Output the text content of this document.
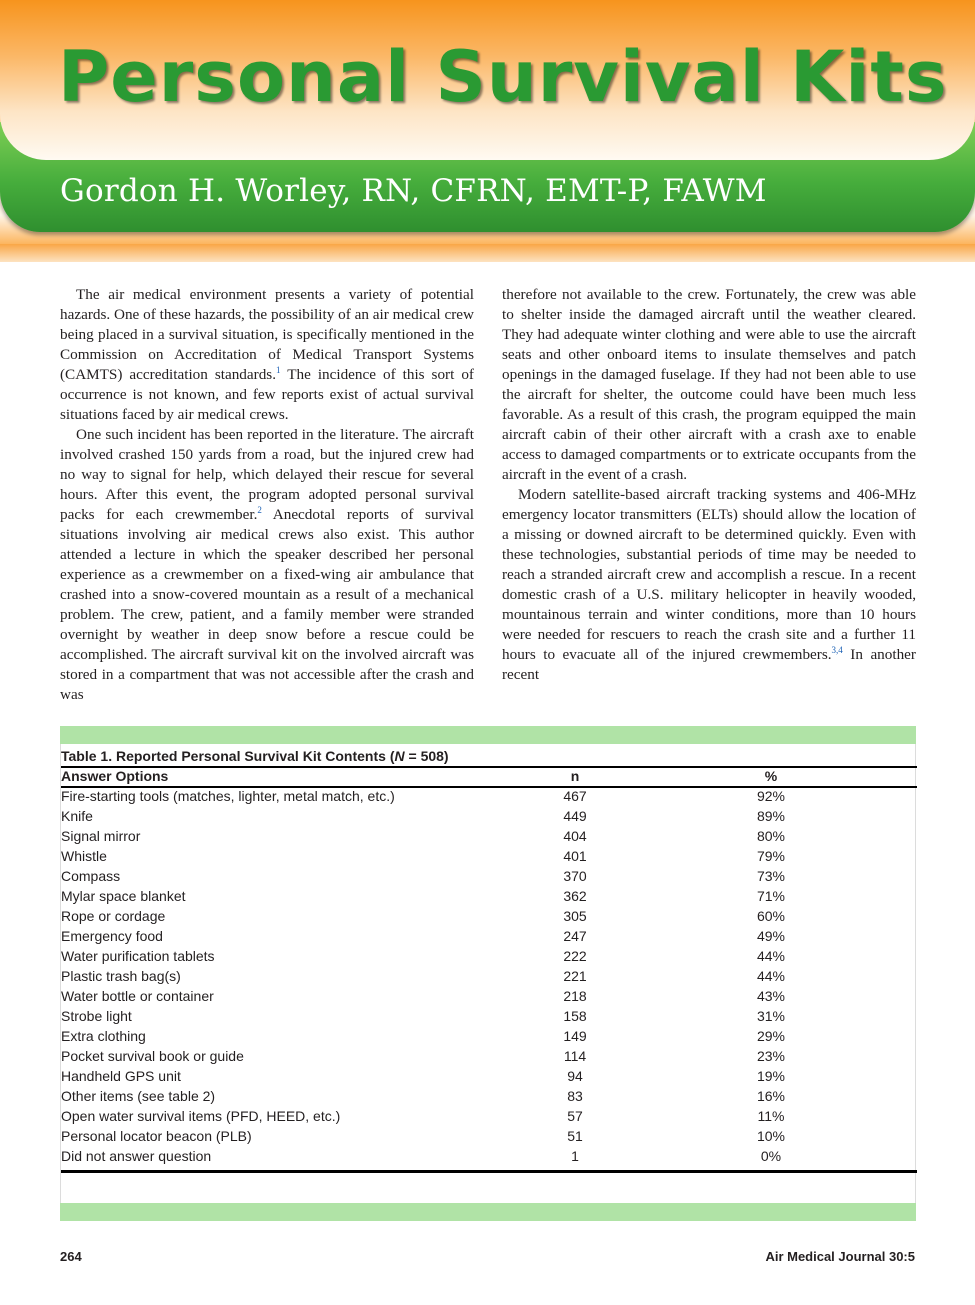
Personal Survival Kits
Gordon H. Worley, RN, CFRN, EMT-P, FAWM

The air medical environment presents a variety of potential hazards. One of these hazards, the possibility of an air medical crew being placed in a survival situation, is specifically mentioned in the Commission on Accreditation of Medical Transport Systems (CAMTS) accreditation standards.$^1$ The incidence of this sort of occurrence is not known, and few reports exist of actual survival situations faced by air medical crews.

One such incident has been reported in the literature. The aircraft involved crashed 150 yards from a road, but the injured crew had no way to signal for help, which delayed their rescue for several hours. After this event, the program adopted personal survival packs for each crewmember.$^2$ Anecdotal reports of survival situations involving air medical crews also exist. This author attended a lecture in which the speaker described her personal experience as a crewmember on a fixed-wing air ambulance that crashed into a snow-covered mountain as a result of a mechanical problem. The crew, patient, and a family member were stranded overnight by weather in deep snow before a rescue could be accomplished. The aircraft survival kit on the involved aircraft was stored in a compartment that was not accessible after the crash and was

therefore not available to the crew. Fortunately, the crew was able to shelter inside the damaged aircraft until the weather cleared. They had adequate winter clothing and were able to use the aircraft seats and other onboard items to insulate themselves and patch openings in the damaged fuselage. If they had not been able to use the aircraft for shelter, the outcome could have been much less favorable. As a result of this crash, the program equipped the main aircraft cabin of their other aircraft with a crash axe to enable access to damaged compartments or to extricate occupants from the aircraft in the event of a crash.

Modern satellite-based aircraft tracking systems and 406-MHz emergency locator transmitters (ELTs) should allow the location of a missing or downed aircraft to be determined quickly. Even with these technologies, substantial periods of time may be needed to reach a stranded aircraft crew and accomplish a rescue. In a recent domestic crash of a U.S. military helicopter in heavily wooded, mountainous terrain and winter conditions, more than 10 hours were needed for rescuers to reach the crash site and a further 11 hours to evacuate all of the injured crewmembers.$^{3,4}$ In another recent

Table 1. Reported Personal Survival Kit Contents (N = 508)
Answer Options	n	%
Fire-starting tools (matches, lighter, metal match, etc.)	467	92%
Knife	449	89%
Signal mirror	404	80%
Whistle	401	79%
Compass	370	73%
Mylar space blanket	362	71%
Rope or cordage	305	60%
Emergency food	247	49%
Water purification tablets	222	44%
Plastic trash bag(s)	221	44%
Water bottle or container	218	43%
Strobe light	158	31%
Extra clothing	149	29%
Pocket survival book or guide	114	23%
Handheld GPS unit	94	19%
Other items (see table 2)	83	16%
Open water survival items (PFD, HEED, etc.)	57	11%
Personal locator beacon (PLB)	51	10%
Did not answer question	1	0%
264	Air Medical Journal 30:5
